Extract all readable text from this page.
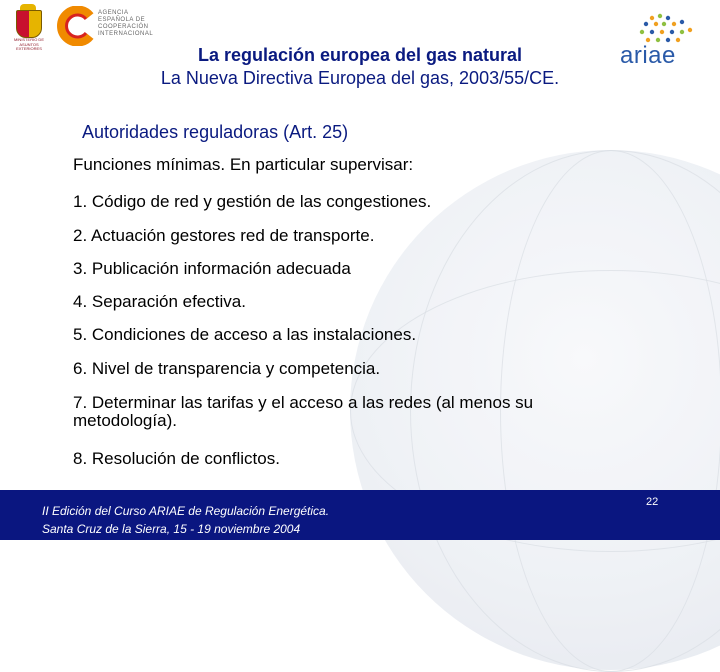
MINISTERIO DE ASUNTOS EXTERIORES
AGENCIA
ESPAÑOLA DE
COOPERACIÓN
INTERNACIONAL
La regulación europea del gas natural
La Nueva Directiva Europea del gas, 2003/55/CE.
ariae
Autoridades reguladoras (Art. 25)
Funciones mínimas. En particular supervisar:
1. Código de red y gestión de las congestiones.
2. Actuación gestores red de transporte.
3. Publicación información adecuada
4. Separación efectiva.
5. Condiciones de acceso a las instalaciones.
6. Nivel de transparencia y competencia.
7. Determinar las tarifas y el acceso a las redes (al menos su metodología).
8. Resolución de conflictos.
II Edición del Curso ARIAE de Regulación Energética.
Santa Cruz de la Sierra, 15 - 19 noviembre 2004
22
